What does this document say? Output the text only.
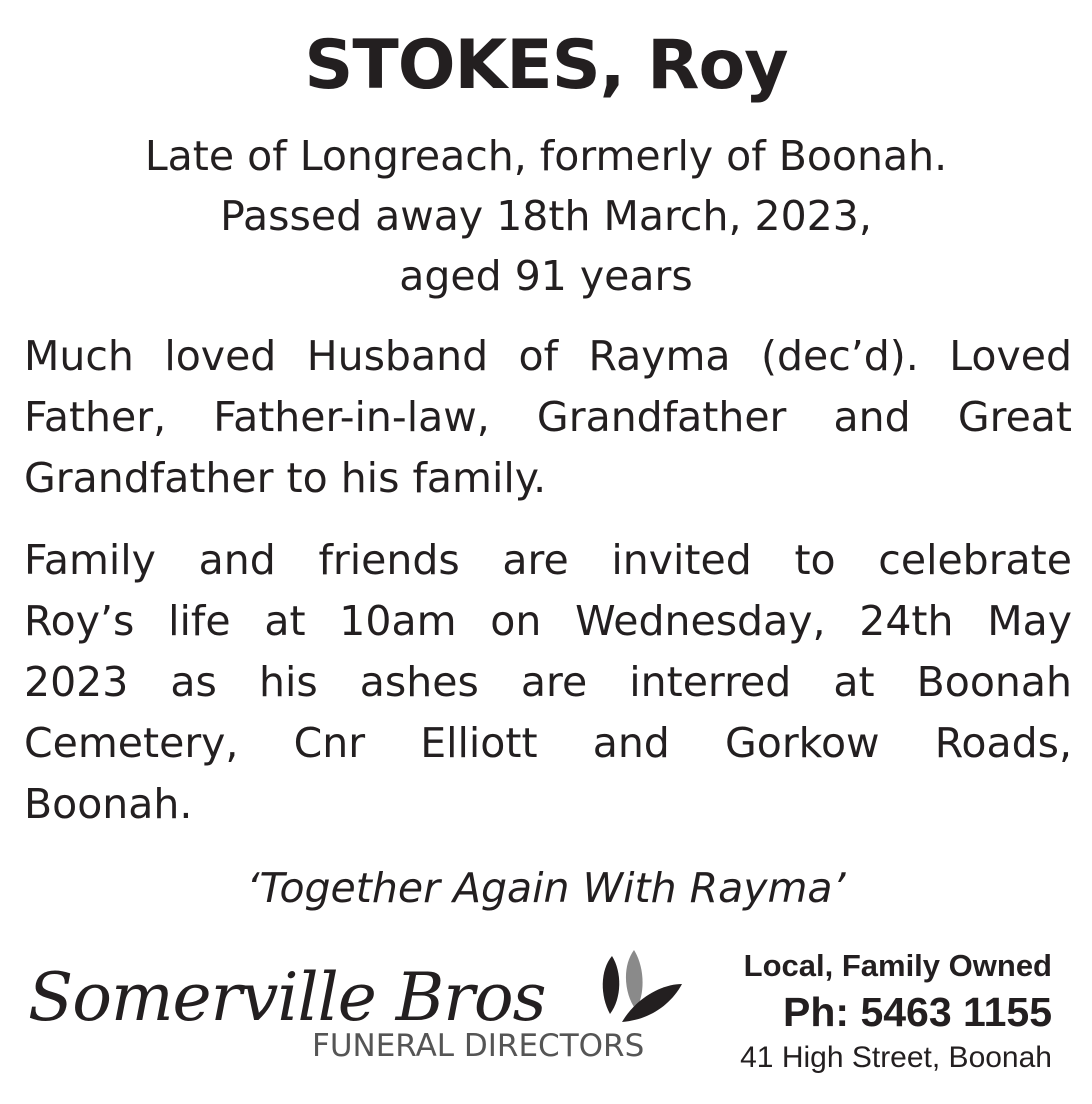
STOKES, Roy
Late of Longreach, formerly of Boonah.
Passed away 18th March, 2023,
aged 91 years
Much loved Husband of Rayma (dec’d). Loved
Father, Father-in-law, Grandfather and Great
Grandfather to his family.
Family and friends are invited to celebrate
Roy’s life at 10am on Wednesday, 24th May
2023 as his ashes are interred at Boonah
Cemetery, Cnr Elliott and Gorkow Roads,
Boonah.
‘Together Again With Rayma’
Somerville Bros
FUNERAL DIRECTORS
Local, Family Owned
Ph: 5463 1155
41 High Street, Boonah
